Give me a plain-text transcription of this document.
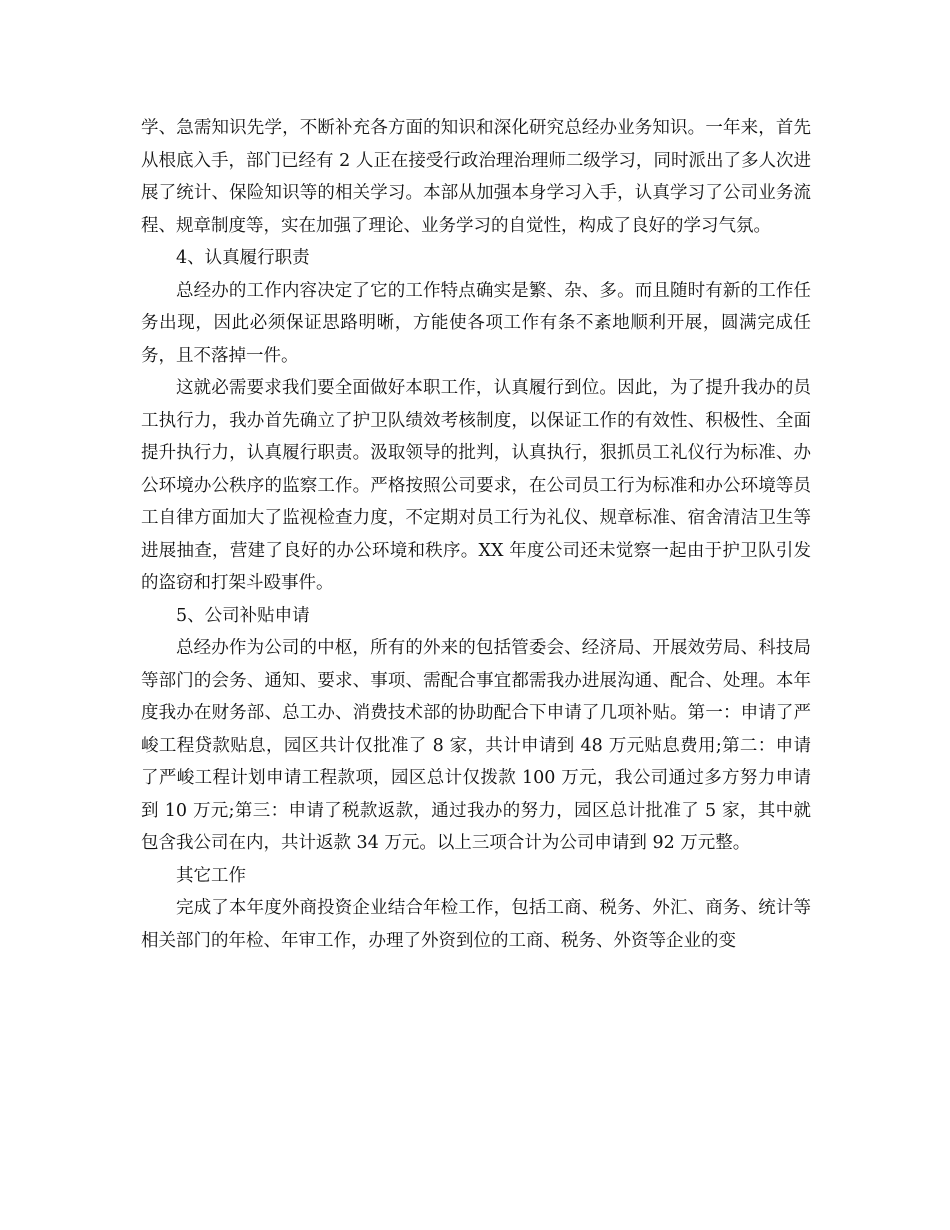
学、急需知识先学，不断补充各方面的知识和深化研究总经办业务知识。一年来，首先从根底入手，部门已经有 2 人正在接受行政治理治理师二级学习，同时派出了多人次进展了统计、保险知识等的相关学习。本部从加强本身学习入手，认真学习了公司业务流程、规章制度等，实在加强了理论、业务学习的自觉性，构成了良好的学习气氛。

4、认真履行职责

总经办的工作内容决定了它的工作特点确实是繁、杂、多。而且随时有新的工作任务出现，因此必须保证思路明晰，方能使各项工作有条不紊地顺利开展，圆满完成任务，且不落掉一件。

这就必需要求我们要全面做好本职工作，认真履行到位。因此，为了提升我办的员工执行力，我办首先确立了护卫队绩效考核制度，以保证工作的有效性、积极性、全面提升执行力，认真履行职责。汲取领导的批判，认真执行，狠抓员工礼仪行为标准、办公环境办公秩序的监察工作。严格按照公司要求，在公司员工行为标准和办公环境等员工自律方面加大了监视检查力度，不定期对员工行为礼仪、规章标准、宿舍清洁卫生等进展抽查，营建了良好的办公环境和秩序。XX 年度公司还未觉察一起由于护卫队引发的盗窃和打架斗殴事件。

5、公司补贴申请

总经办作为公司的中枢，所有的外来的包括管委会、经济局、开展效劳局、科技局等部门的会务、通知、要求、事项、需配合事宜都需我办进展沟通、配合、处理。本年度我办在财务部、总工办、消费技术部的协助配合下申请了几项补贴。第一：申请了严峻工程贷款贴息，园区共计仅批准了 8 家，共计申请到 48 万元贴息费用;第二：申请了严峻工程计划申请工程款项，园区总计仅拨款 100 万元，我公司通过多方努力申请到 10 万元;第三：申请了税款返款，通过我办的努力，园区总计批准了 5 家，其中就包含我公司在内，共计返款 34 万元。以上三项合计为公司申请到 92 万元整。

其它工作

完成了本年度外商投资企业结合年检工作，包括工商、税务、外汇、商务、统计等相关部门的年检、年审工作，办理了外资到位的工商、税务、外资等企业的变
